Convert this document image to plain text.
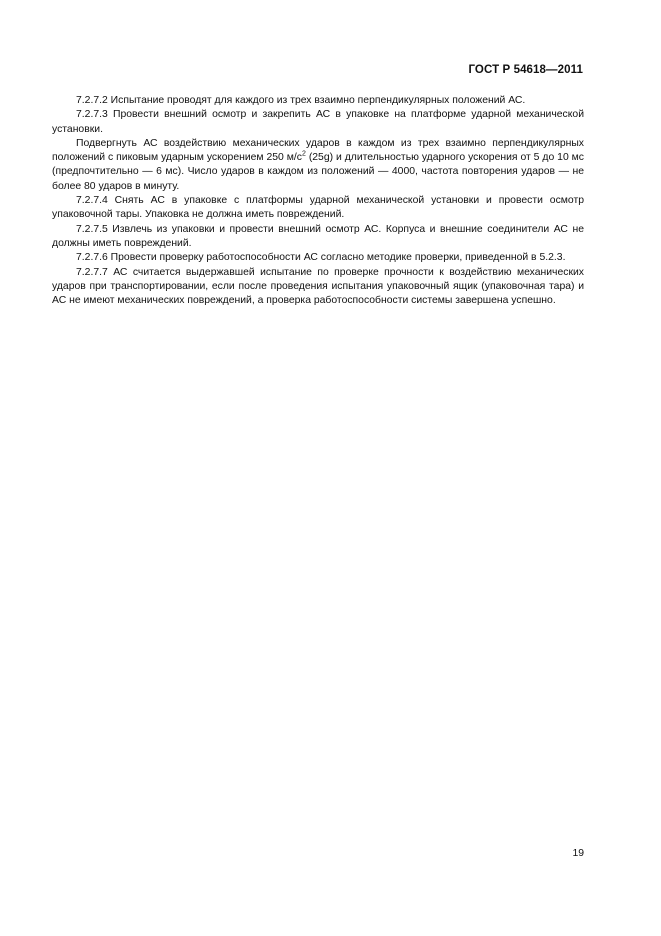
ГОСТ Р 54618—2011

7.2.7.2 Испытание проводят для каждого из трех взаимно перпендикулярных положений АС.

7.2.7.3 Провести внешний осмотр и закрепить АС в упаковке на платформе ударной механической установки.

Подвергнуть АС воздействию механических ударов в каждом из трех взаимно перпендикулярных положений с пиковым ударным ускорением 250 $м/с^2$ (25g) и длительностью ударного ускорения от 5 до 10 мс (предпочтительно — 6 мс). Число ударов в каждом из положений — 4000, частота повторения ударов — не более 80 ударов в минуту.

7.2.7.4 Снять АС в упаковке с платформы ударной механической установки и провести осмотр упаковочной тары. Упаковка не должна иметь повреждений.

7.2.7.5 Извлечь из упаковки и провести внешний осмотр АС. Корпуса и внешние соединители АС не должны иметь повреждений.

7.2.7.6 Провести проверку работоспособности АС согласно методике проверки, приведенной в 5.2.3.

7.2.7.7 АС считается выдержавшей испытание по проверке прочности к воздействию механических ударов при транспортировании, если после проведения испытания упаковочный ящик (упаковочная тара) и АС не имеют механических повреждений, а проверка работоспособности системы завершена успешно.

19
